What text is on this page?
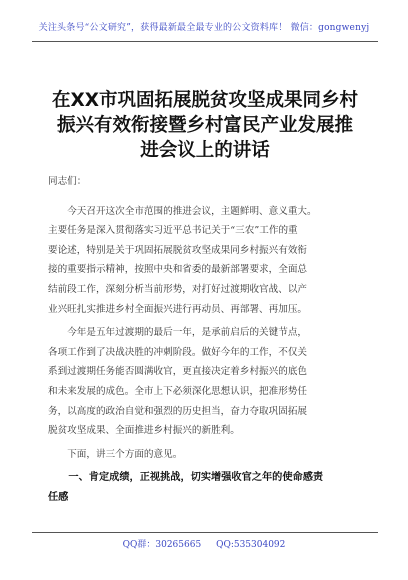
关注头条号“公文研究”，获得最新最全最专业的公文资料库！ 微信：gongwenyj
在XX市巩固拓展脱贫攻坚成果同乡村
振兴有效衔接暨乡村富民产业发展推
进会议上的讲话

同志们：

今天召开这次全市范围的推进会议，主题鲜明、意义重大。
主要任务是深入贯彻落实习近平总书记关于“三农”工作的重
要论述，特别是关于巩固拓展脱贫攻坚成果同乡村振兴有效衔
接的重要指示精神，按照中央和省委的最新部署要求，全面总
结前段工作，深刻分析当前形势，对打好过渡期收官战、以产
业兴旺扎实推进乡村全面振兴进行再动员、再部署、再加压。

今年是五年过渡期的最后一年，是承前启后的关键节点，
各项工作到了决战决胜的冲刺阶段。做好今年的工作，不仅关
系到过渡期任务能否圆满收官，更直接决定着乡村振兴的底色
和未来发展的成色。全市上下必须深化思想认识，把准形势任
务，以高度的政治自觉和强烈的历史担当，奋力夺取巩固拓展
脱贫攻坚成果、全面推进乡村振兴的新胜利。

下面，讲三个方面的意见。

一、肯定成绩，正视挑战，切实增强收官之年的使命感责
任感

QQ群：30265665 QQ:535304092
